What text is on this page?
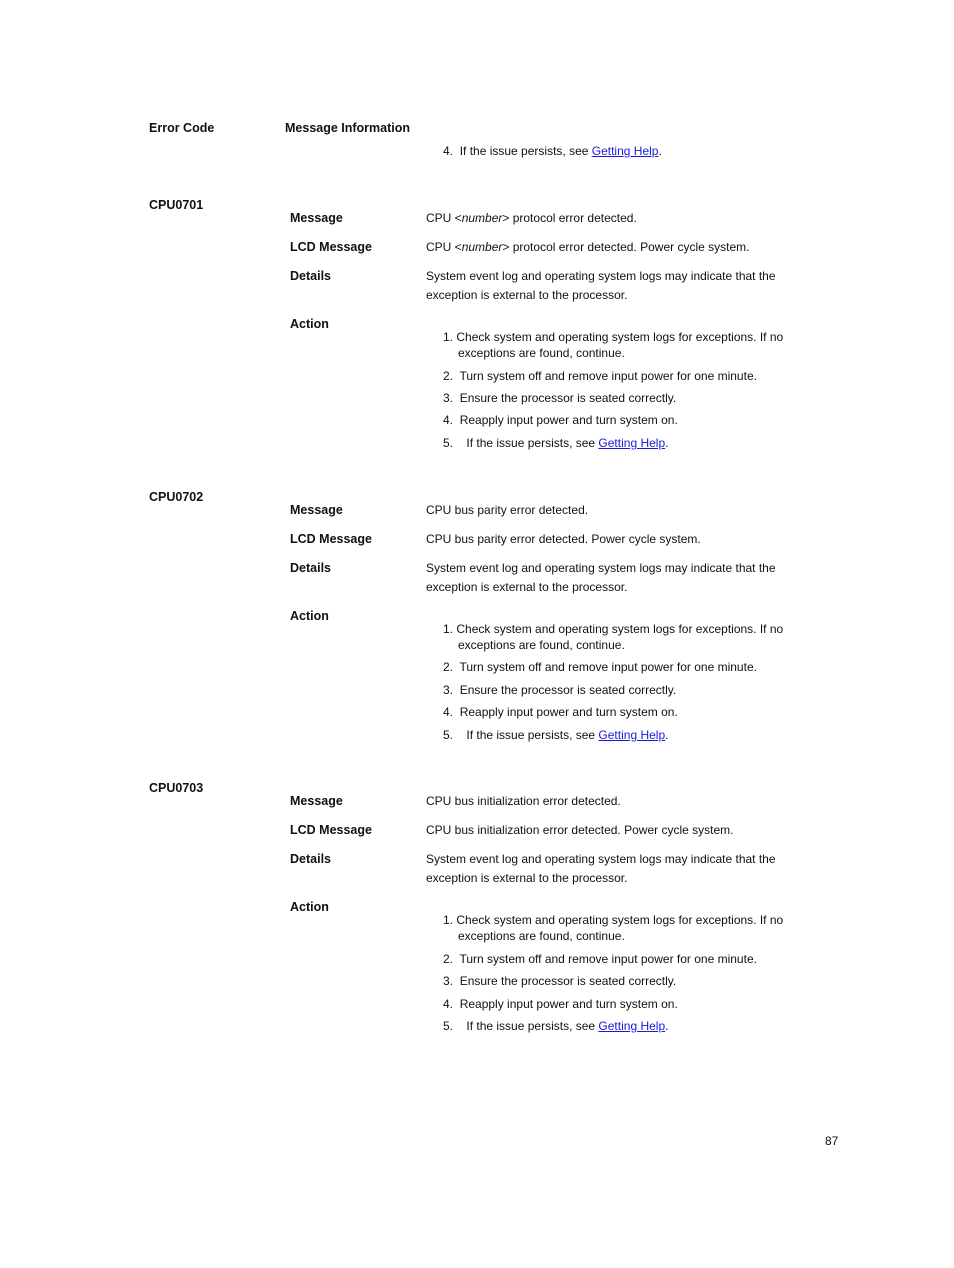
Error Code	Message Information
4. If the issue persists, see Getting Help.
CPU0701
Message	CPU <number> protocol error detected.
LCD Message	CPU <number> protocol error detected. Power cycle system.
Details	System event log and operating system logs may indicate that the
exception is external to the processor.
Action
1. Check system and operating system logs for exceptions. If no
exceptions are found, continue.
2. Turn system off and remove input power for one minute.
3. Ensure the processor is seated correctly.
4. Reapply input power and turn system on.
5. If the issue persists, see Getting Help.
CPU0702
Message	CPU bus parity error detected.
LCD Message	CPU bus parity error detected. Power cycle system.
Details	System event log and operating system logs may indicate that the
exception is external to the processor.
Action
1. Check system and operating system logs for exceptions. If no
exceptions are found, continue.
2. Turn system off and remove input power for one minute.
3. Ensure the processor is seated correctly.
4. Reapply input power and turn system on.
5. If the issue persists, see Getting Help.
CPU0703
Message	CPU bus initialization error detected.
LCD Message	CPU bus initialization error detected. Power cycle system.
Details	System event log and operating system logs may indicate that the
exception is external to the processor.
Action
1. Check system and operating system logs for exceptions. If no
exceptions are found, continue.
2. Turn system off and remove input power for one minute.
3. Ensure the processor is seated correctly.
4. Reapply input power and turn system on.
5. If the issue persists, see Getting Help.
87
